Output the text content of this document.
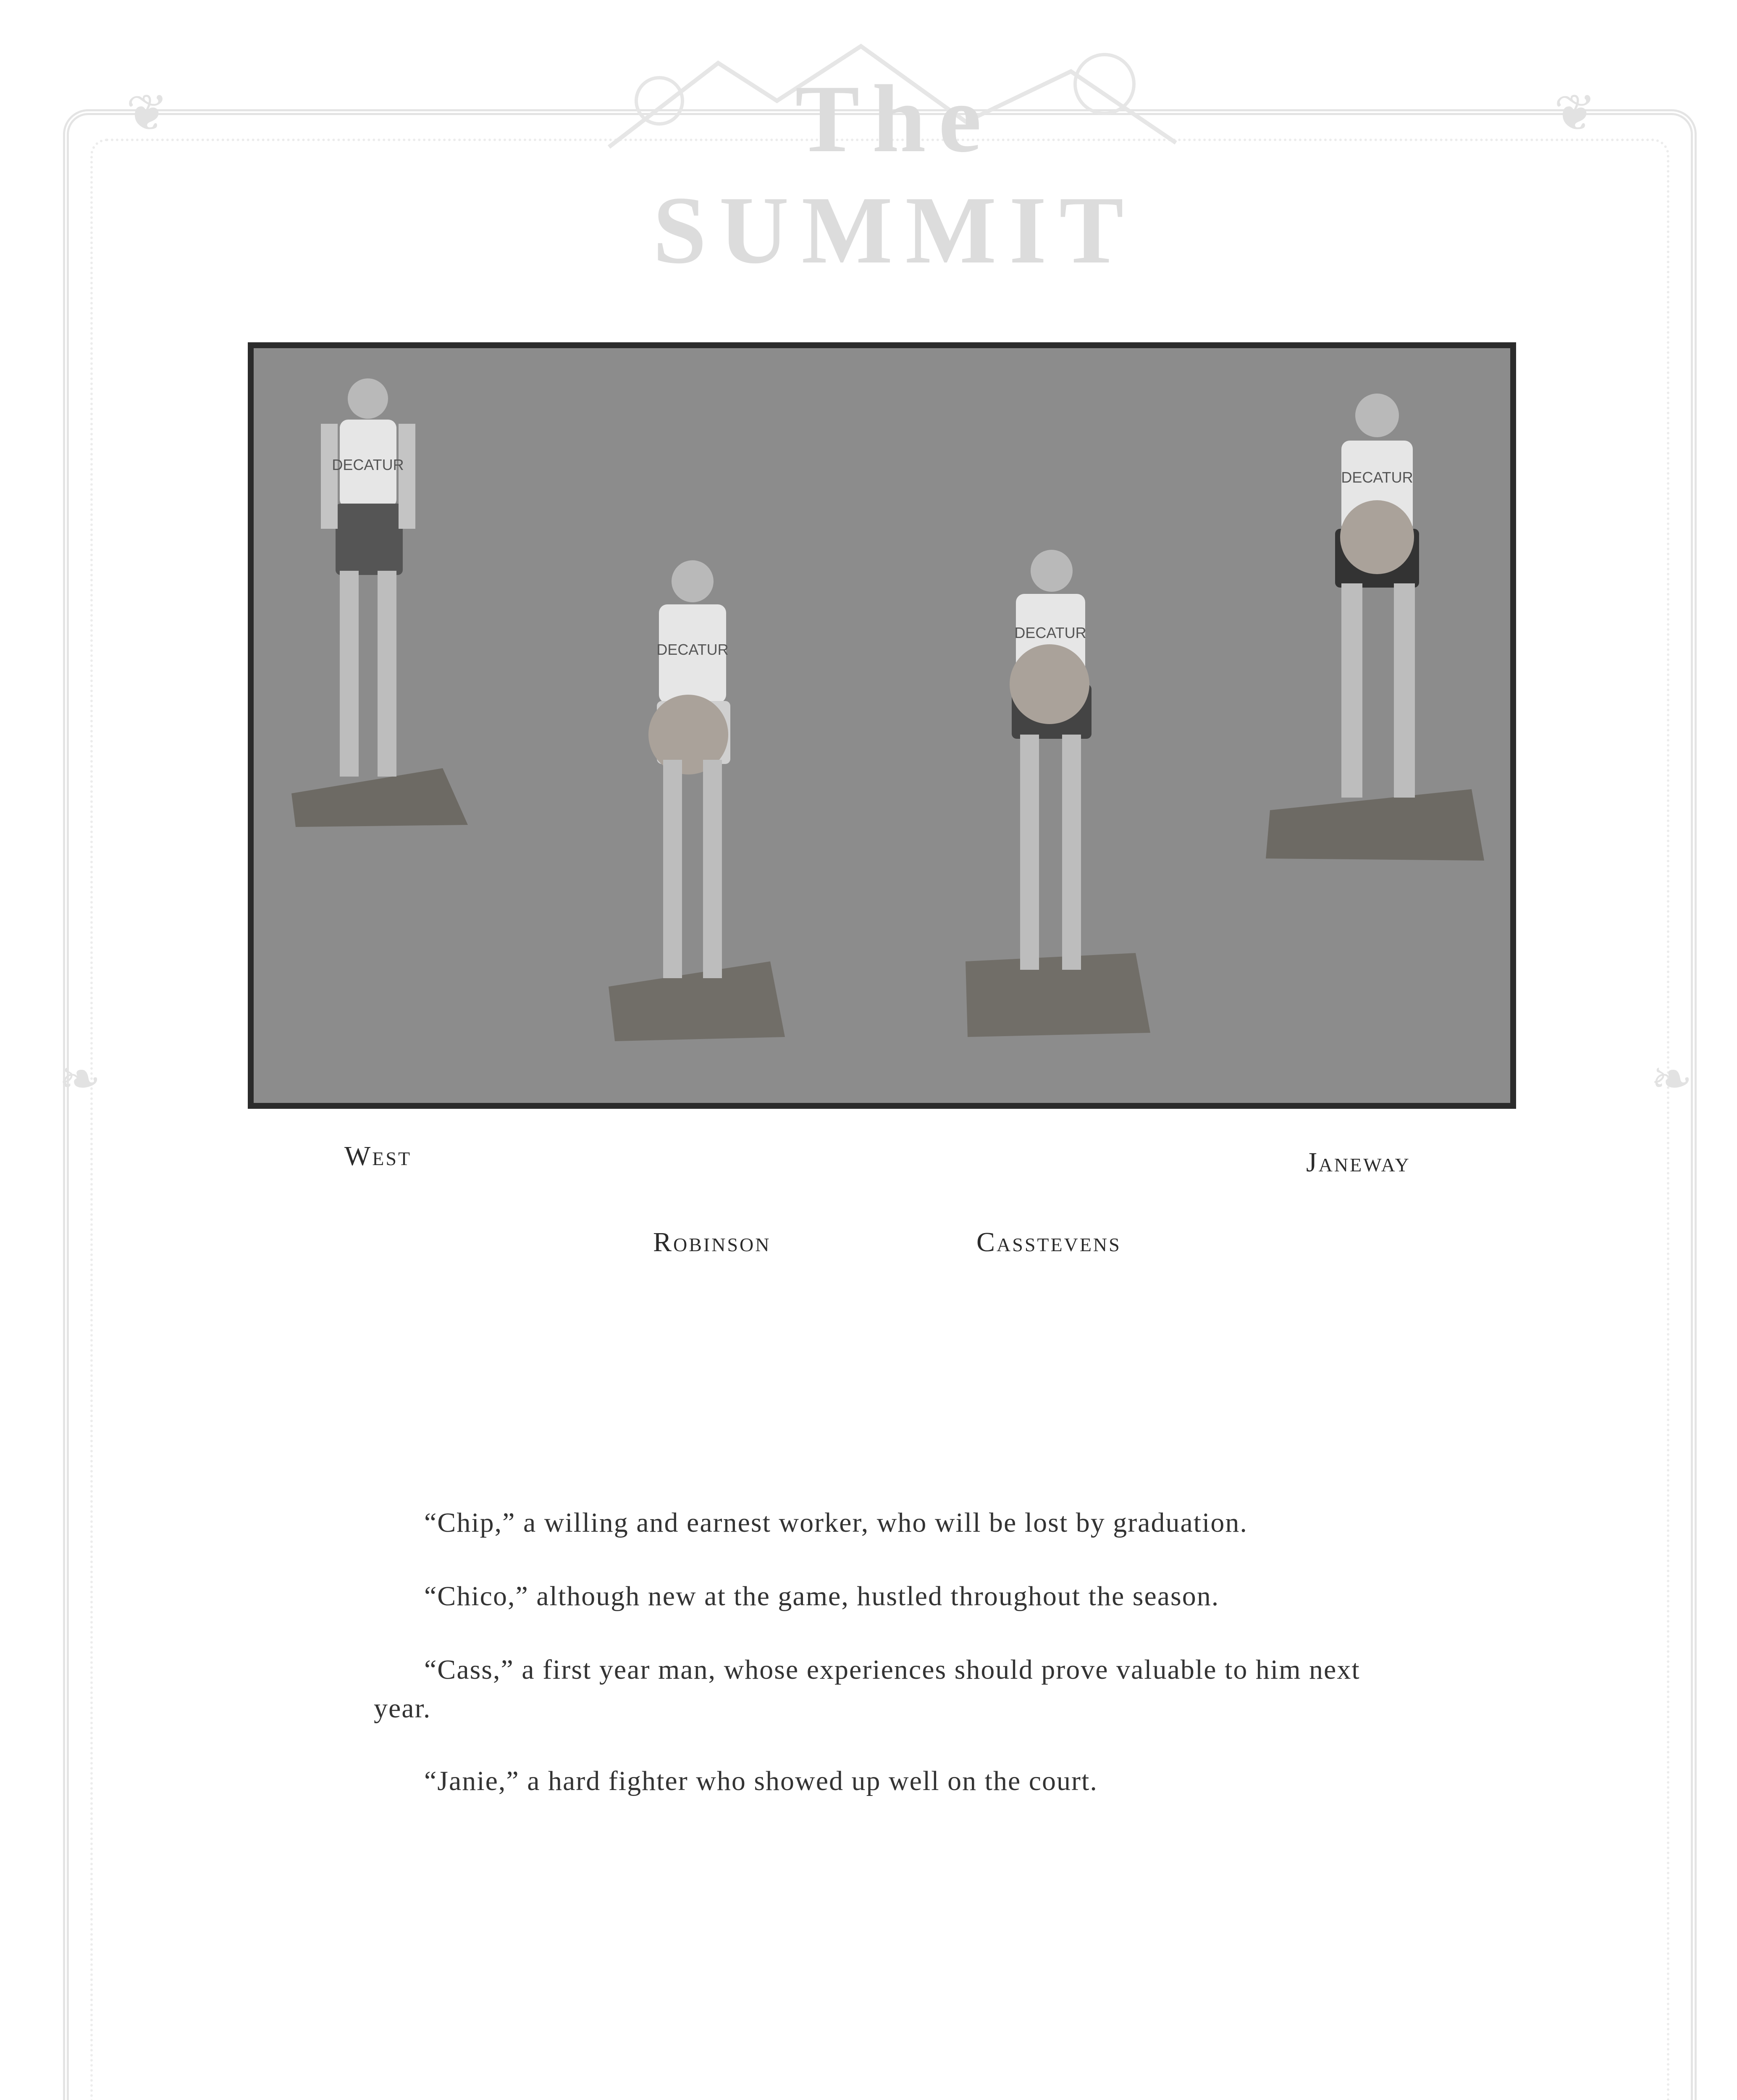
The SUMMIT
❦	❦
❧	❧
DECATUR
DECATUR
DECATUR
DECATUR
West	Janeway
Robinson	Casstevens
“Chip,” a willing and earnest worker, who will be lost by graduation.
“Chico,” although new at the game, hustled throughout the season.
“Cass,” a first year man, whose experiences should prove valuable to him next year.
“Janie,” a hard fighter who showed up well on the court.
